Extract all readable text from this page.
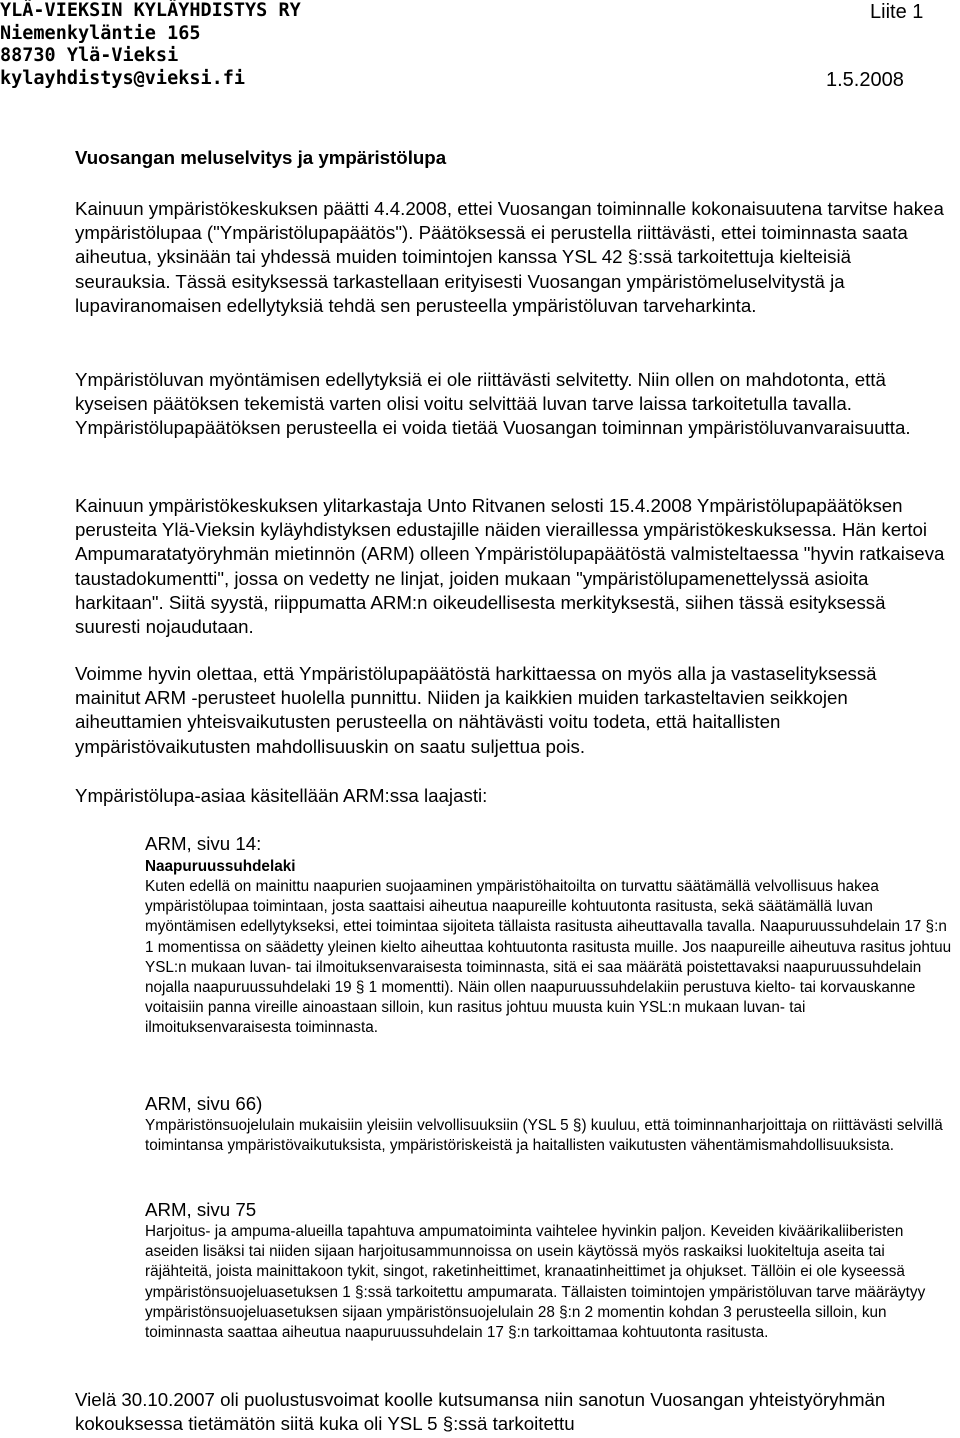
YLÄ-VIEKSIN KYLÄYHDISTYS RY
Niemenkyläntie 165
88730 Ylä-Vieksi
kylayhdistys@vieksi.fi
Liite 1
1.5.2008
Vuosangan meluselvitys ja ympäristölupa

Kainuun ympäristökeskuksen päätti 4.4.2008, ettei Vuosangan toiminnalle kokonaisuutena tarvitse hakea ympäristölupaa ("Ympäristölupapäätös"). Päätöksessä ei perustella riittävästi, ettei toiminnasta saata aiheutua, yksinään tai yhdessä muiden toimintojen kanssa YSL 42 §:ssä tarkoitettuja kielteisiä seurauksia. Tässä esityksessä tarkastellaan erityisesti Vuosangan ympäristömeluselvitystä ja lupaviranomaisen edellytyksiä tehdä sen perusteella ympäristöluvan tarveharkinta.

Ympäristöluvan myöntämisen edellytyksiä ei ole riittävästi selvitetty. Niin ollen on mahdotonta, että kyseisen päätöksen tekemistä varten olisi voitu selvittää luvan tarve laissa tarkoitetulla tavalla. Ympäristölupapäätöksen perusteella ei voida tietää Vuosangan toiminnan ympäristöluvanvaraisuutta.

Kainuun ympäristökeskuksen ylitarkastaja Unto Ritvanen selosti 15.4.2008 Ympäristölupapäätöksen perusteita Ylä-Vieksin kyläyhdistyksen edustajille näiden vieraillessa ympäristökeskuksessa. Hän kertoi Ampumaratatyöryhmän mietinnön (ARM) olleen Ympäristölupapäätöstä valmisteltaessa "hyvin ratkaiseva taustadokumentti", jossa on vedetty ne linjat, joiden mukaan "ympäristölupamenettelyssä asioita harkitaan". Siitä syystä, riippumatta ARM:n oikeudellisesta merkityksestä, siihen tässä esityksessä suuresti nojaudutaan.

Voimme hyvin olettaa, että Ympäristölupapäätöstä harkittaessa on myös alla ja vastaselityksessä mainitut ARM -perusteet huolella punnittu. Niiden ja kaikkien muiden tarkasteltavien seikkojen aiheuttamien yhteisvaikutusten perusteella on nähtävästi voitu todeta, että haitallisten ympäristövaikutusten mahdollisuuskin on saatu suljettua pois.

Ympäristölupa-asiaa käsitellään ARM:ssa laajasti:

ARM, sivu 14:
Naapuruussuhdelaki
Kuten edellä on mainittu naapurien suojaaminen ympäristöhaitoilta on turvattu säätämällä velvollisuus hakea ympäristölupaa toimintaan, josta saattaisi aiheutua naapureille kohtuutonta rasitusta, sekä säätämällä luvan myöntämisen edellytykseksi, ettei toimintaa sijoiteta tällaista rasitusta aiheuttavalla tavalla. Naapuruussuhdelain 17 §:n 1 momentissa on säädetty yleinen kielto aiheuttaa kohtuutonta rasitusta muille. Jos naapureille aiheutuva rasitus johtuu YSL:n mukaan luvan- tai ilmoituksenvaraisesta toiminnasta, sitä ei saa määrätä poistettavaksi naapuruussuhdelain nojalla naapuruussuhdelaki 19 § 1 momentti). Näin ollen naapuruussuhdelakiin perustuva kielto- tai korvauskanne voitaisiin panna vireille ainoastaan silloin, kun rasitus johtuu muusta kuin YSL:n mukaan luvan- tai ilmoituksenvaraisesta toiminnasta.
ARM, sivu 66)
Ympäristönsuojelulain mukaisiin yleisiin velvollisuuksiin (YSL 5 §) kuuluu, että toiminnanharjoittaja on riittävästi selvillä toimintansa ympäristövaikutuksista, ympäristöriskeistä ja haitallisten vaikutusten vähentämismahdollisuuksista.
ARM, sivu 75
Harjoitus- ja ampuma-alueilla tapahtuva ampumatoiminta vaihtelee hyvinkin paljon. Keveiden kiväärikaliiberisten aseiden lisäksi tai niiden sijaan harjoitusammunnoissa on usein käytössä myös raskaiksi luokiteltuja aseita tai räjähteitä, joista mainittakoon tykit, singot, raketinheittimet, kranaatinheittimet ja ohjukset. Tällöin ei ole kyseessä ympäristönsuojeluasetuksen 1 §:ssä tarkoitettu ampumarata. Tällaisten toimintojen ympäristöluvan tarve määräytyy ympäristönsuojeluasetuksen sijaan ympäristönsuojelulain 28 §:n 2 momentin kohdan 3 perusteella silloin, kun toiminnasta saattaa aiheutua naapuruussuhdelain 17 §:n tarkoittamaa kohtuutonta rasitusta.

Vielä 30.10.2007 oli puolustusvoimat koolle kutsumansa niin sanotun Vuosangan yhteistyöryhmän kokouksessa tietämätön siitä kuka oli YSL 5 §:ssä tarkoitettu
